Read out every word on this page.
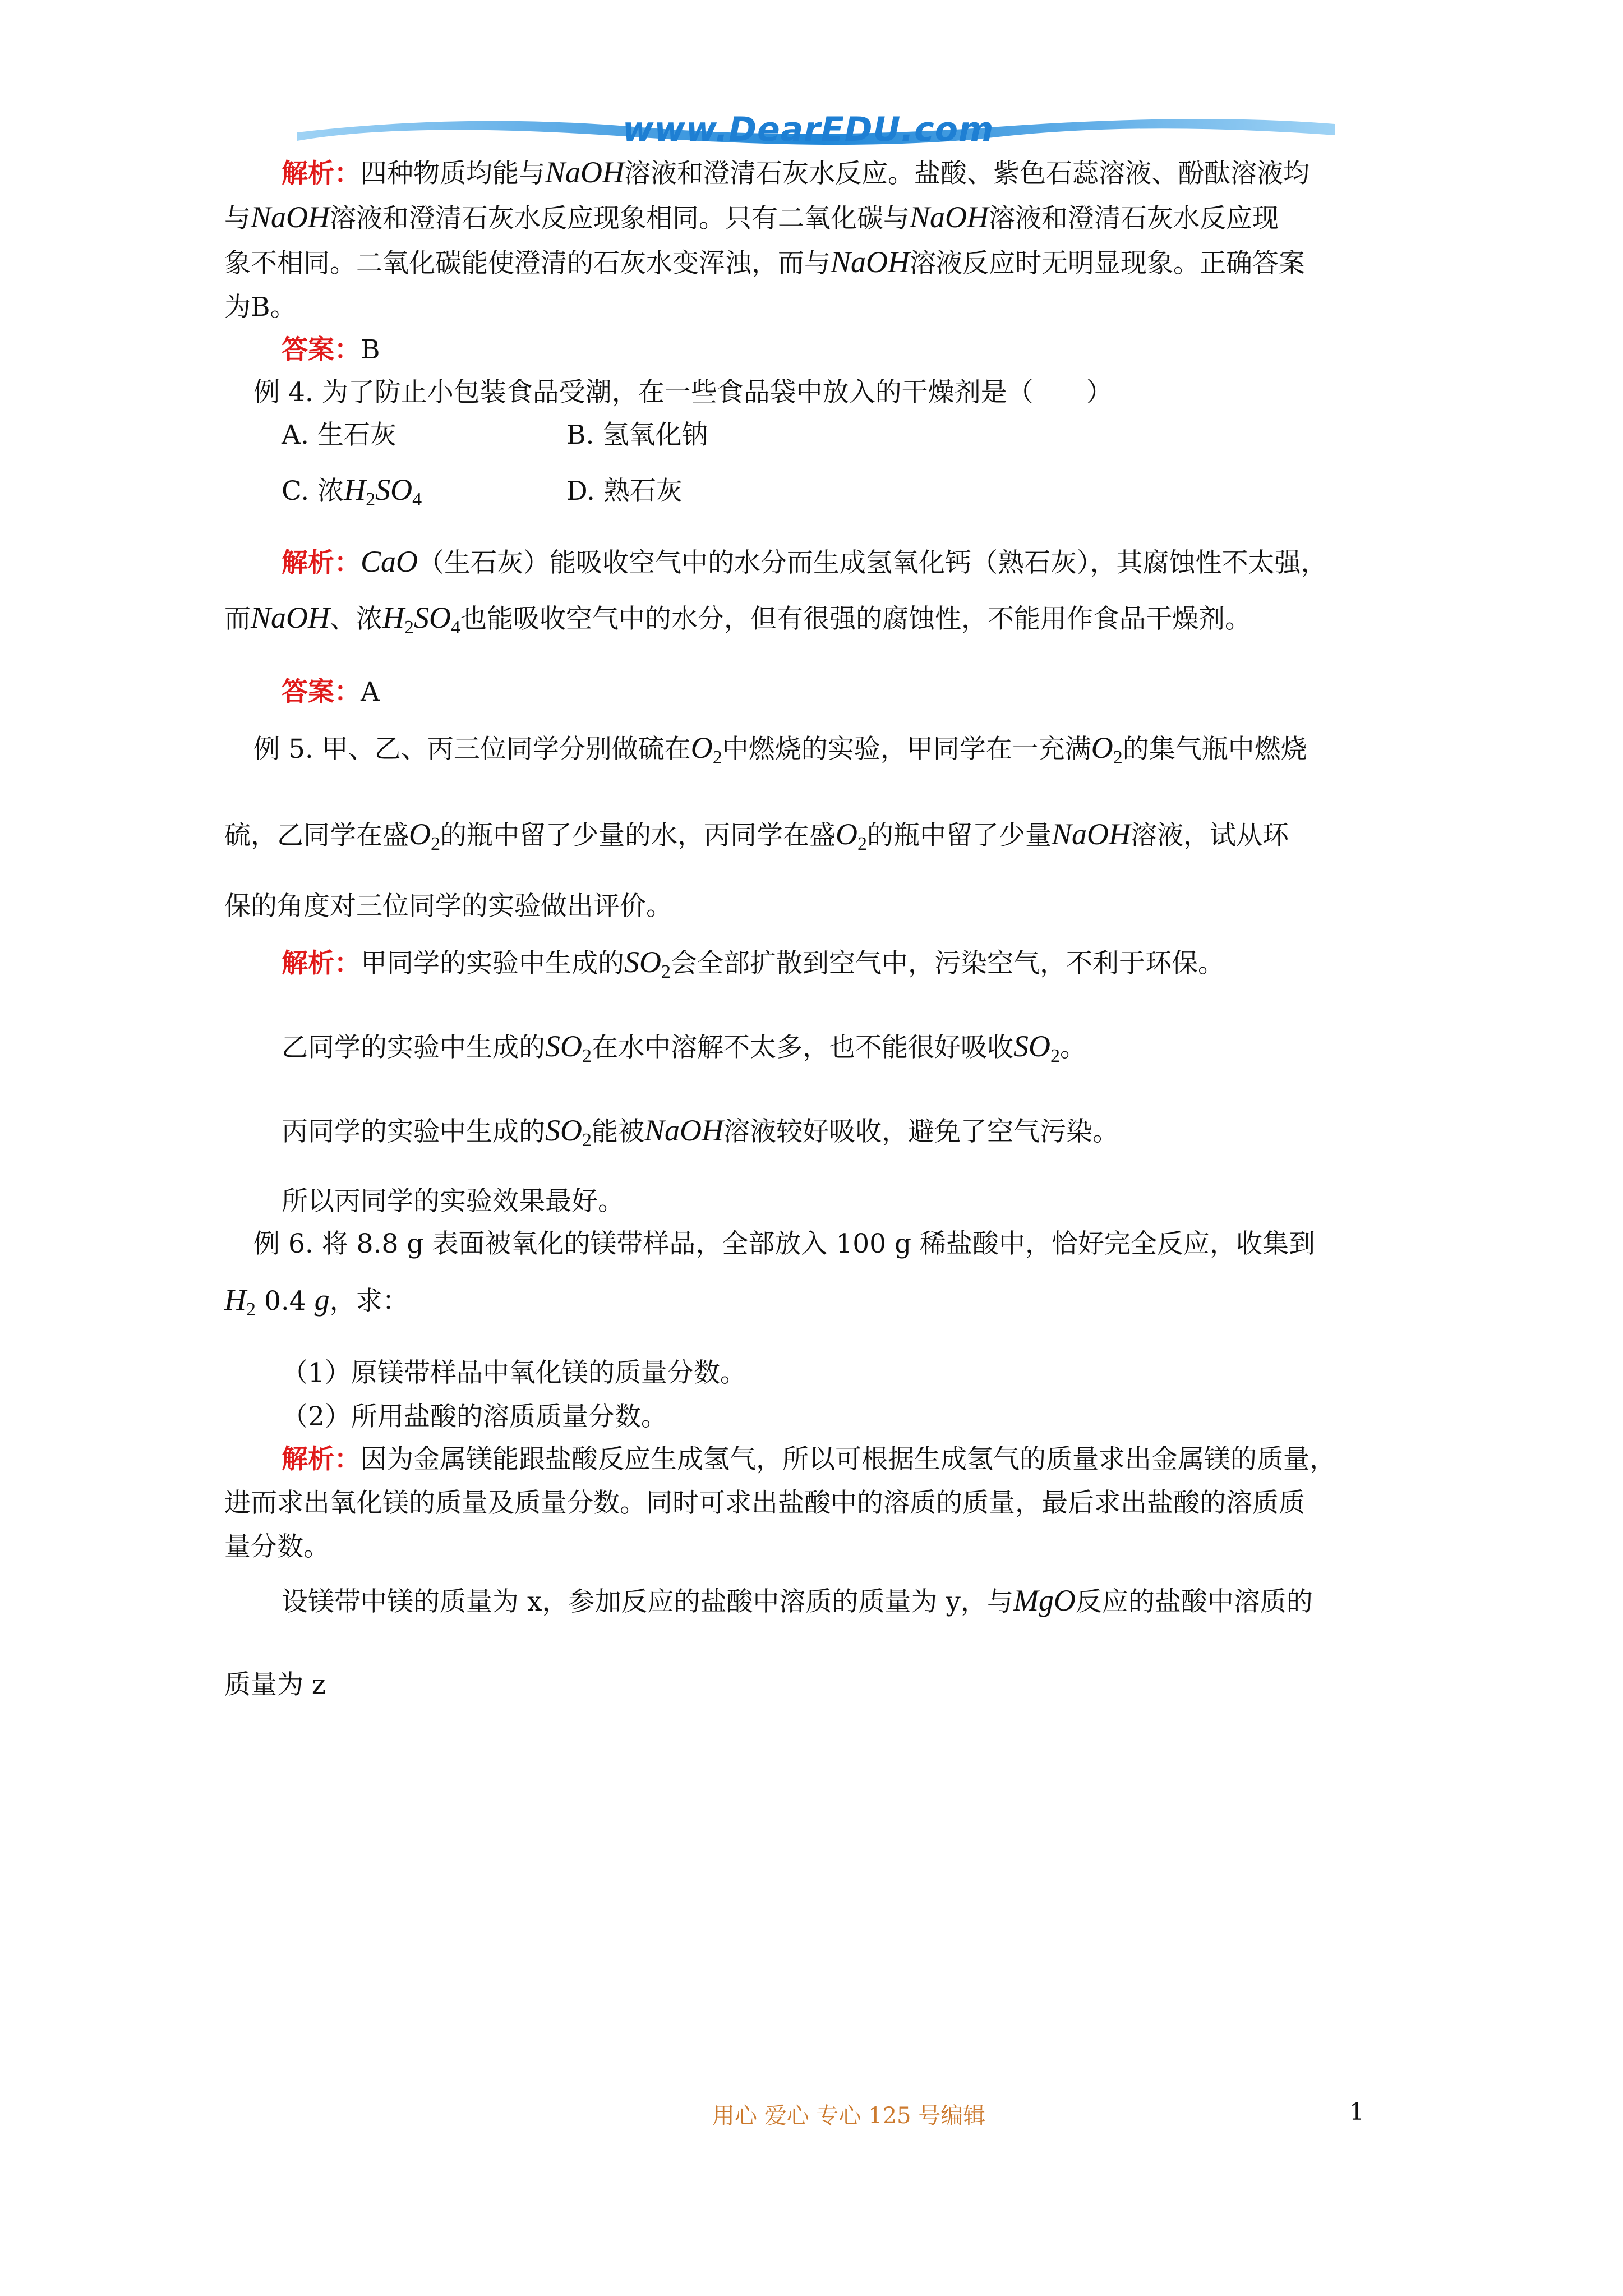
www.DearEDU.com
解析：四种物质均能与NaOH溶液和澄清石灰水反应。盐酸、紫色石蕊溶液、酚酞溶液均
与NaOH溶液和澄清石灰水反应现象相同。只有二氧化碳与NaOH溶液和澄清石灰水反应现
象不相同。二氧化碳能使澄清的石灰水变浑浊，而与NaOH溶液反应时无明显现象。正确答案
为B。
答案：B
例 4. 为了防止小包装食品受潮，在一些食品袋中放入的干燥剂是（　　）
A. 生石灰	B. 氢氧化钠
C. 浓$H_2SO_4$	D. 熟石灰
解析：CaO（生石灰）能吸收空气中的水分而生成氢氧化钙（熟石灰），其腐蚀性不太强，
而NaOH、浓$H_2SO_4$也能吸收空气中的水分，但有很强的腐蚀性，不能用作食品干燥剂。
答案：A
例 5. 甲、乙、丙三位同学分别做硫在$O_2$中燃烧的实验，甲同学在一充满$O_2$的集气瓶中燃烧
硫，乙同学在盛$O_2$的瓶中留了少量的水，丙同学在盛$O_2$的瓶中留了少量NaOH溶液，试从环
保的角度对三位同学的实验做出评价。
解析：甲同学的实验中生成的$SO_2$会全部扩散到空气中，污染空气，不利于环保。
乙同学的实验中生成的$SO_2$在水中溶解不太多，也不能很好吸收$SO_2$。
丙同学的实验中生成的$SO_2$能被NaOH溶液较好吸收，避免了空气污染。
所以丙同学的实验效果最好。
例 6. 将 8.8 g 表面被氧化的镁带样品，全部放入 100 g 稀盐酸中，恰好完全反应，收集到
$H_2$ 0.4 g，求：
（1）原镁带样品中氧化镁的质量分数。
（2）所用盐酸的溶质质量分数。
解析：因为金属镁能跟盐酸反应生成氢气，所以可根据生成氢气的质量求出金属镁的质量，
进而求出氧化镁的质量及质量分数。同时可求出盐酸中的溶质的质量，最后求出盐酸的溶质质
量分数。
设镁带中镁的质量为 x，参加反应的盐酸中溶质的质量为 y，与MgO反应的盐酸中溶质的
质量为 z
用心 爱心 专心 125 号编辑	1
